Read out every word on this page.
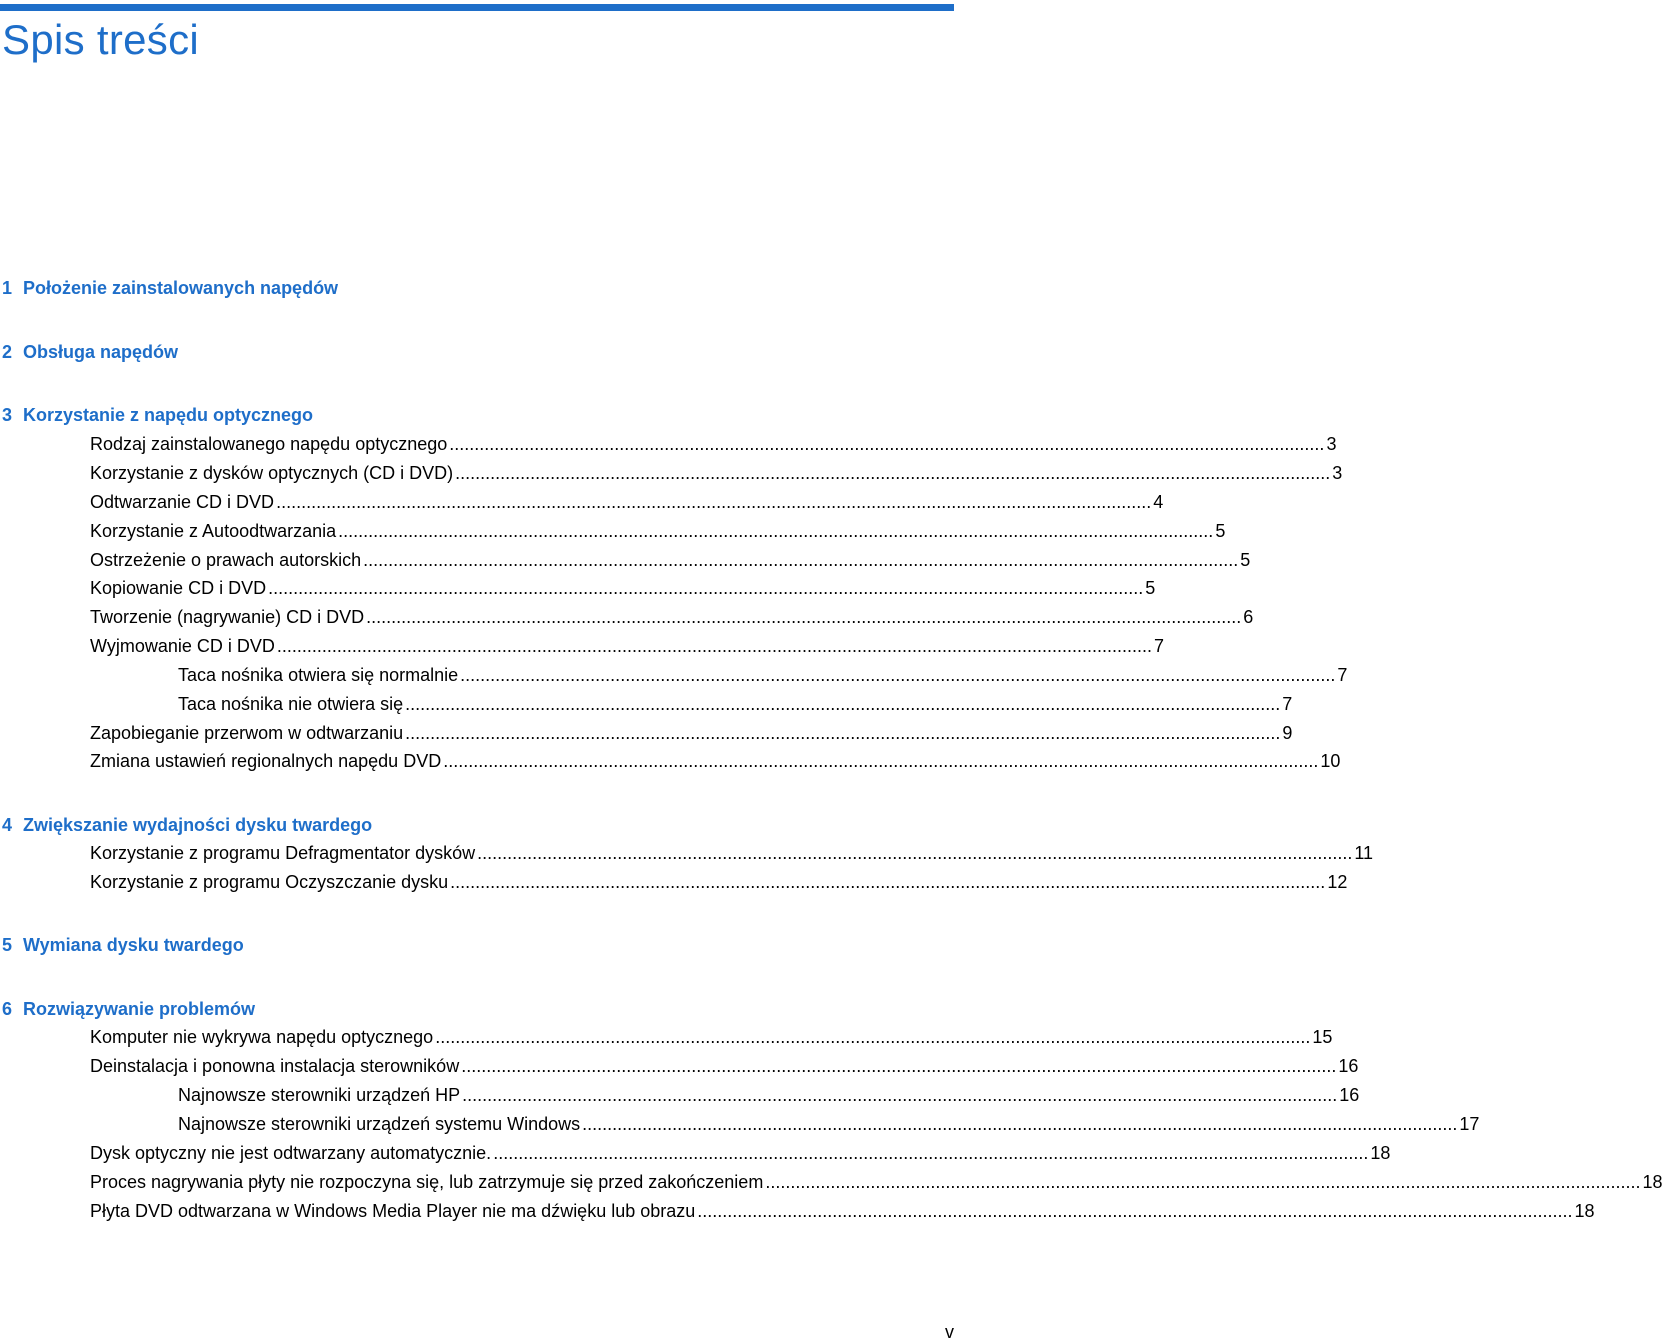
Spis treści
1 Położenie zainstalowanych napędów
2 Obsługa napędów
3 Korzystanie z napędu optycznego
Rodzaj zainstalowanego napędu optycznego ............................................................................................................................................................................... 3
Korzystanie z dysków optycznych (CD i DVD) ............................................................................................................................................................................... 3
Odtwarzanie CD i DVD ............................................................................................................................................................................... 4
Korzystanie z Autoodtwarzania ............................................................................................................................................................................... 5
Ostrzeżenie o prawach autorskich ............................................................................................................................................................................... 5
Kopiowanie CD i DVD ............................................................................................................................................................................... 5
Tworzenie (nagrywanie) CD i DVD ............................................................................................................................................................................... 6
Wyjmowanie CD i DVD ............................................................................................................................................................................... 7
Taca nośnika otwiera się normalnie ............................................................................................................................................................................... 7
Taca nośnika nie otwiera się ............................................................................................................................................................................... 7
Zapobieganie przerwom w odtwarzaniu ............................................................................................................................................................................... 9
Zmiana ustawień regionalnych napędu DVD ............................................................................................................................................................................... 10
4 Zwiększanie wydajności dysku twardego
Korzystanie z programu Defragmentator dysków ............................................................................................................................................................................... 11
Korzystanie z programu Oczyszczanie dysku ............................................................................................................................................................................... 12
5 Wymiana dysku twardego
6 Rozwiązywanie problemów
Komputer nie wykrywa napędu optycznego ............................................................................................................................................................................... 15
Deinstalacja i ponowna instalacja sterowników ............................................................................................................................................................................... 16
Najnowsze sterowniki urządzeń HP ............................................................................................................................................................................... 16
Najnowsze sterowniki urządzeń systemu Windows ............................................................................................................................................................................... 17
Dysk optyczny nie jest odtwarzany automatycznie. ............................................................................................................................................................................... 18
Proces nagrywania płyty nie rozpoczyna się, lub zatrzymuje się przed zakończeniem ............................................................................................................................................................................... 18
Płyta DVD odtwarzana w Windows Media Player nie ma dźwięku lub obrazu ............................................................................................................................................................................... 18
v
